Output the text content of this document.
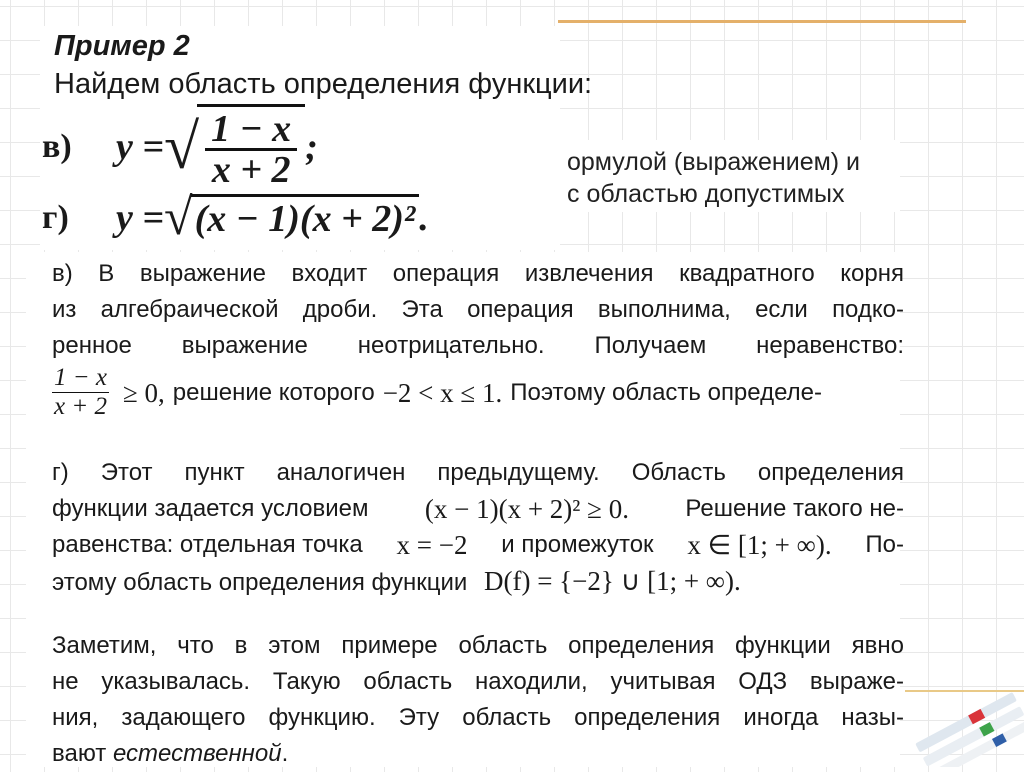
ормулой (выражением) и
с областью допустимых
Пример 2
Найдем область определения функции:
в)	y = √ $\frac{1 - x}{x + 2}$ ;
г)	y = √ (x − 1)(x + 2)² .

в) В выражение входит операция извлечения квадратного корня

из алгебраической дроби. Эта операция выполнима, если подко-

ренное выражение неотрицательно. Получаем неравенство:

$\frac{1 - x}{x + 2} \ge 0$, решение которого −2 < x ≤ 1. Поэтому область определе-

г) Этот пункт аналогичен предыдущему. Область определения

функции задается условием (x − 1)(x + 2)² ≥ 0. Решение такого не-

равенства: отдельная точка x = −2 и промежуток x ∈ [1; + ∞). По-

этому область определения функции D(f) = {−2} ∪ [1; + ∞).

Заметим, что в этом примере область определения функции явно

не указывалась. Такую область находили, учитывая ОДЗ выраже-

ния, задающего функцию. Эту область определения иногда назы-

вают естественной.
